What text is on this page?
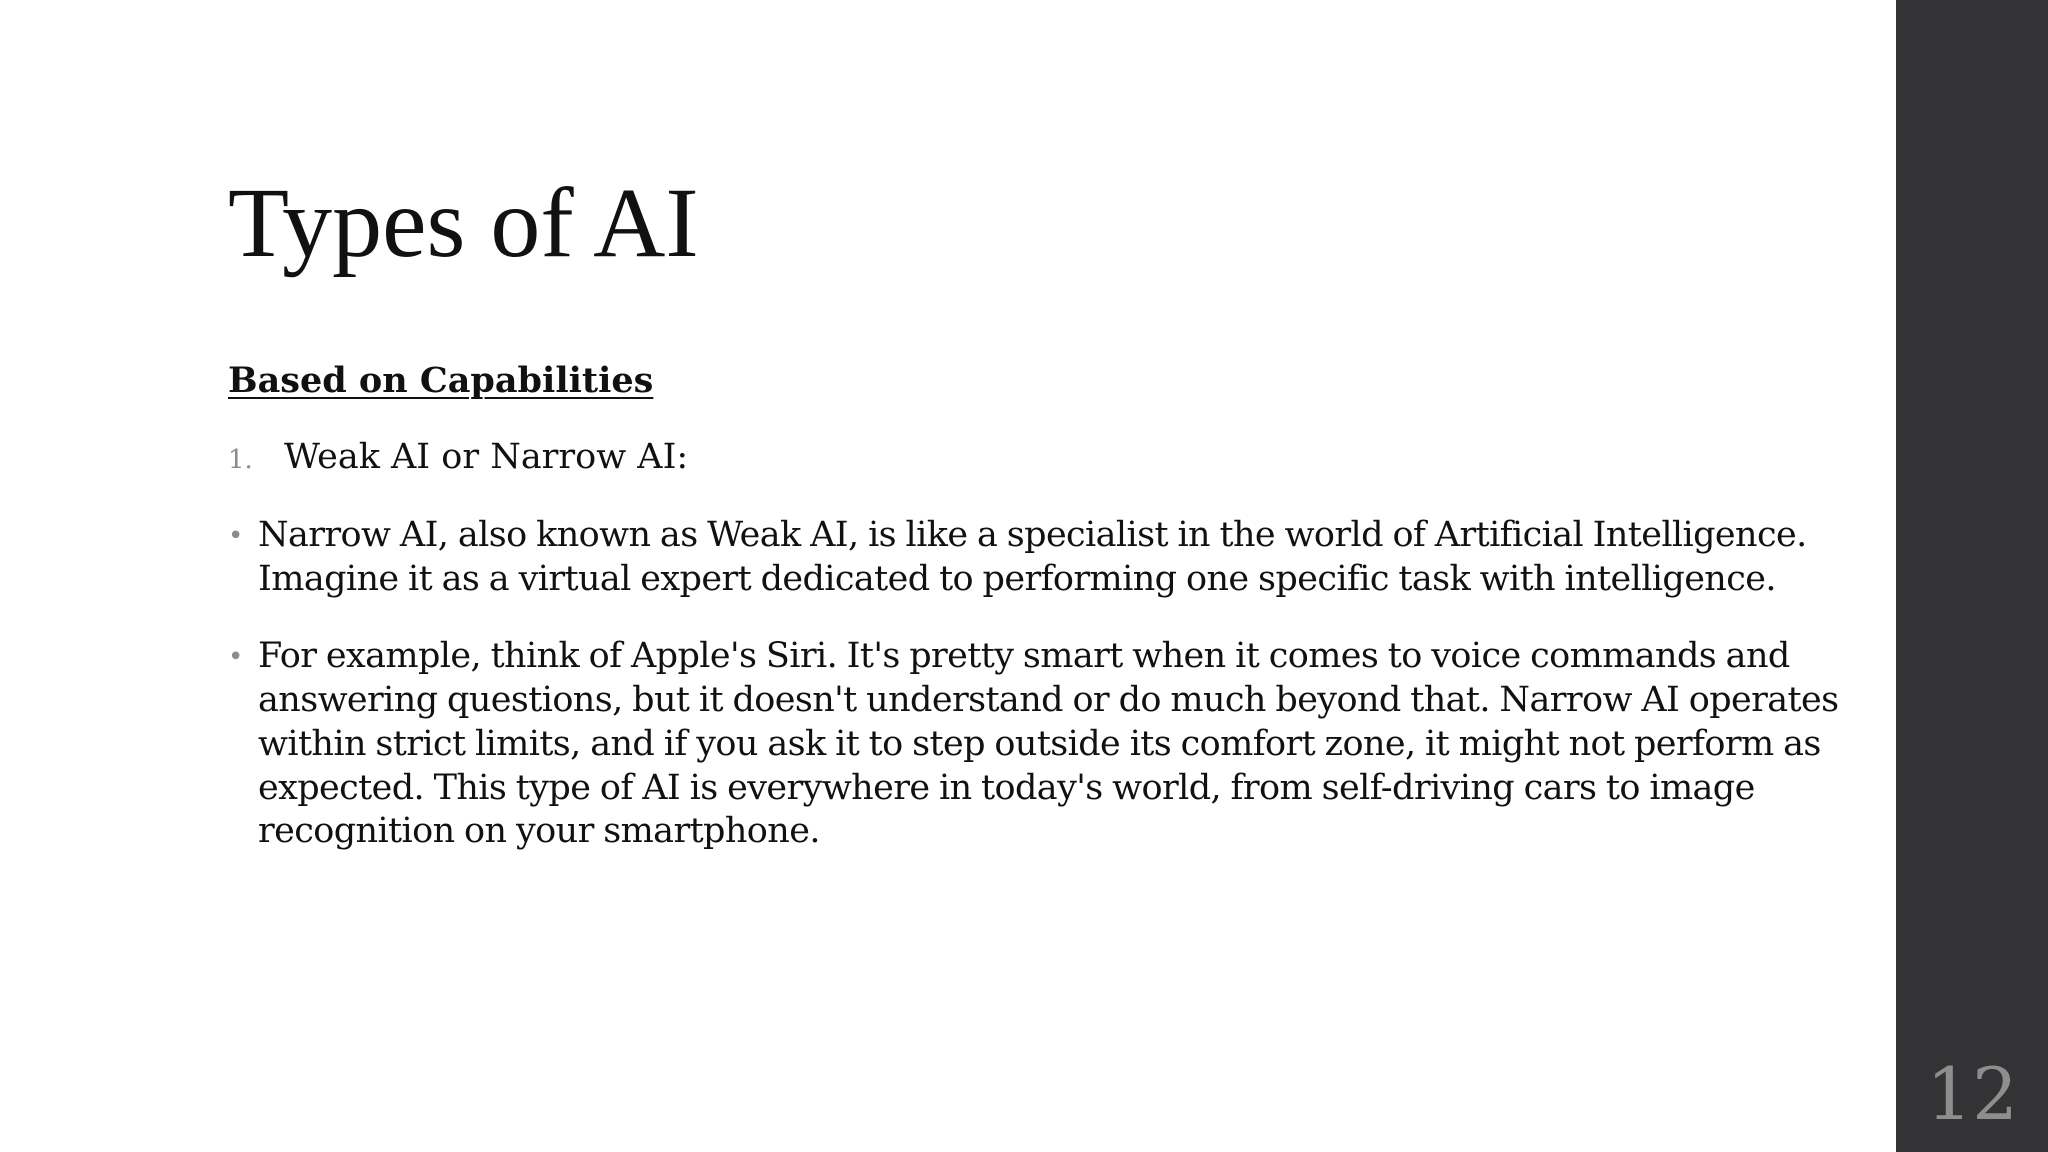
Types of AI
Based on Capabilities
1. Weak AI or Narrow AI:
• Narrow AI, also known as Weak AI, is like a specialist in the world of Artificial Intelligence. Imagine it as a virtual expert dedicated to performing one specific task with intelligence.
• For example, think of Apple's Siri. It's pretty smart when it comes to voice commands and answering questions, but it doesn't understand or do much beyond that. Narrow AI operates within strict limits, and if you ask it to step outside its comfort zone, it might not perform as expected. This type of AI is everywhere in today's world, from self-driving cars to image recognition on your smartphone.
12
